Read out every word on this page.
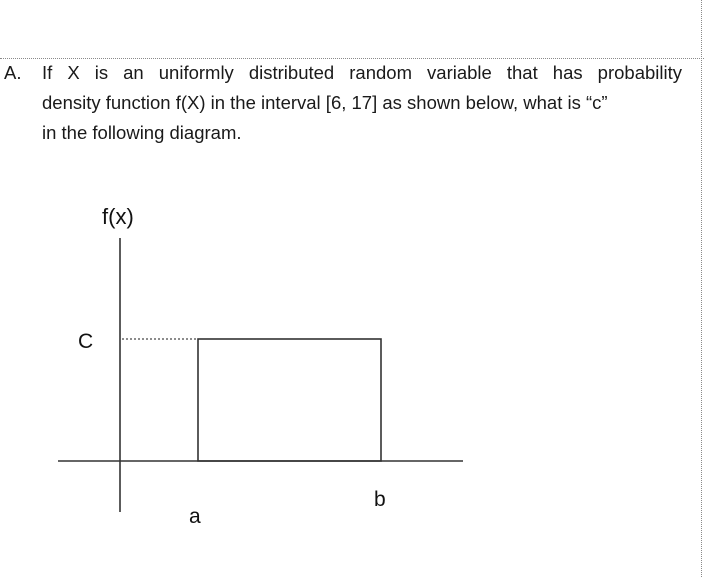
A. If X is an uniformly distributed random variable that has probability
density function f(X) in the interval [6, 17] as shown below, what is “c”
in the following diagram.
f(x)
C
a
b
